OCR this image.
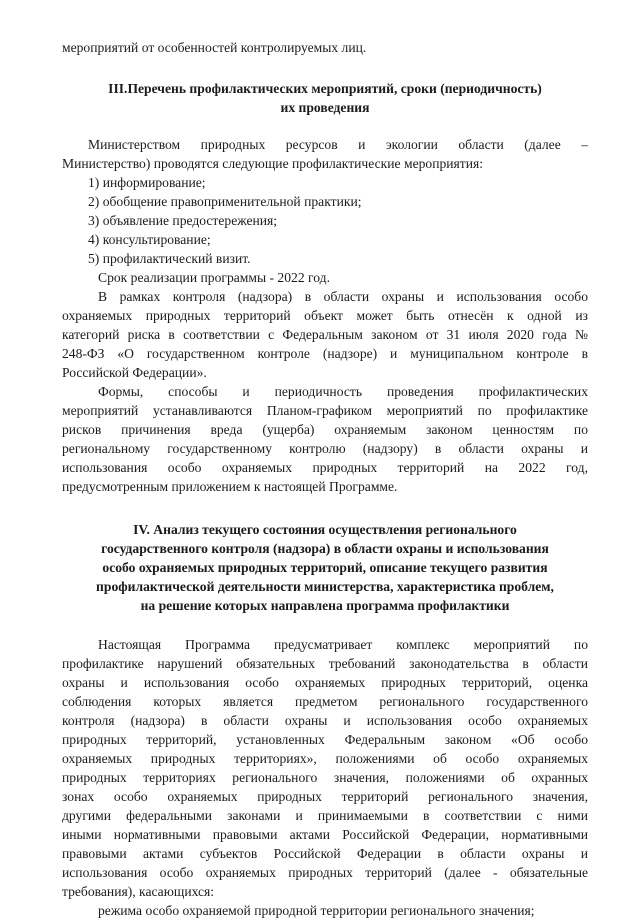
мероприятий от особенностей контролируемых лиц.

III.Перечень профилактических мероприятий, сроки (периодичность)

их проведения

Министерством природных ресурсов и экологии области (далее –

Министерство) проводятся следующие профилактические мероприятия:

1) информирование;

2) обобщение правоприменительной практики;

3) объявление предостережения;

4) консультирование;

5) профилактический визит.

Срок реализации программы - 2022 год.

В рамках контроля (надзора) в области охраны и использования особо

охраняемых природных территорий объект может быть отнесён к одной из

категорий риска в соответствии с Федеральным законом от 31 июля 2020 года №

248-ФЗ «О государственном контроле (надзоре) и муниципальном контроле в

Российской Федерации».

Формы, способы и периодичность проведения профилактических

мероприятий устанавливаются Планом-графиком мероприятий по профилактике

рисков причинения вреда (ущерба) охраняемым законом ценностям по

региональному государственному контролю (надзору) в области охраны и

использования особо охраняемых природных территорий на 2022 год,

предусмотренным приложением к настоящей Программе.

IV. Анализ текущего состояния осуществления регионального

государственного контроля (надзора) в области охраны и использования

особо охраняемых природных территорий, описание текущего развития

профилактической деятельности министерства, характеристика проблем,

на решение которых направлена программа профилактики

Настоящая Программа предусматривает комплекс мероприятий по

профилактике нарушений обязательных требований законодательства в области

охраны и использования особо охраняемых природных территорий, оценка

соблюдения которых является предметом регионального государственного

контроля (надзора) в области охраны и использования особо охраняемых

природных территорий, установленных Федеральным законом «Об особо

охраняемых природных территориях», положениями об особо охраняемых

природных территориях регионального значения, положениями об охранных

зонах особо охраняемых природных территорий регионального значения,

другими федеральными законами и принимаемыми в соответствии с ними

иными нормативными правовыми актами Российской Федерации, нормативными

правовыми актами субъектов Российской Федерации в области охраны и

использования особо охраняемых природных территорий (далее - обязательные

требования), касающихся:

режима особо охраняемой природной территории регионального значения;
